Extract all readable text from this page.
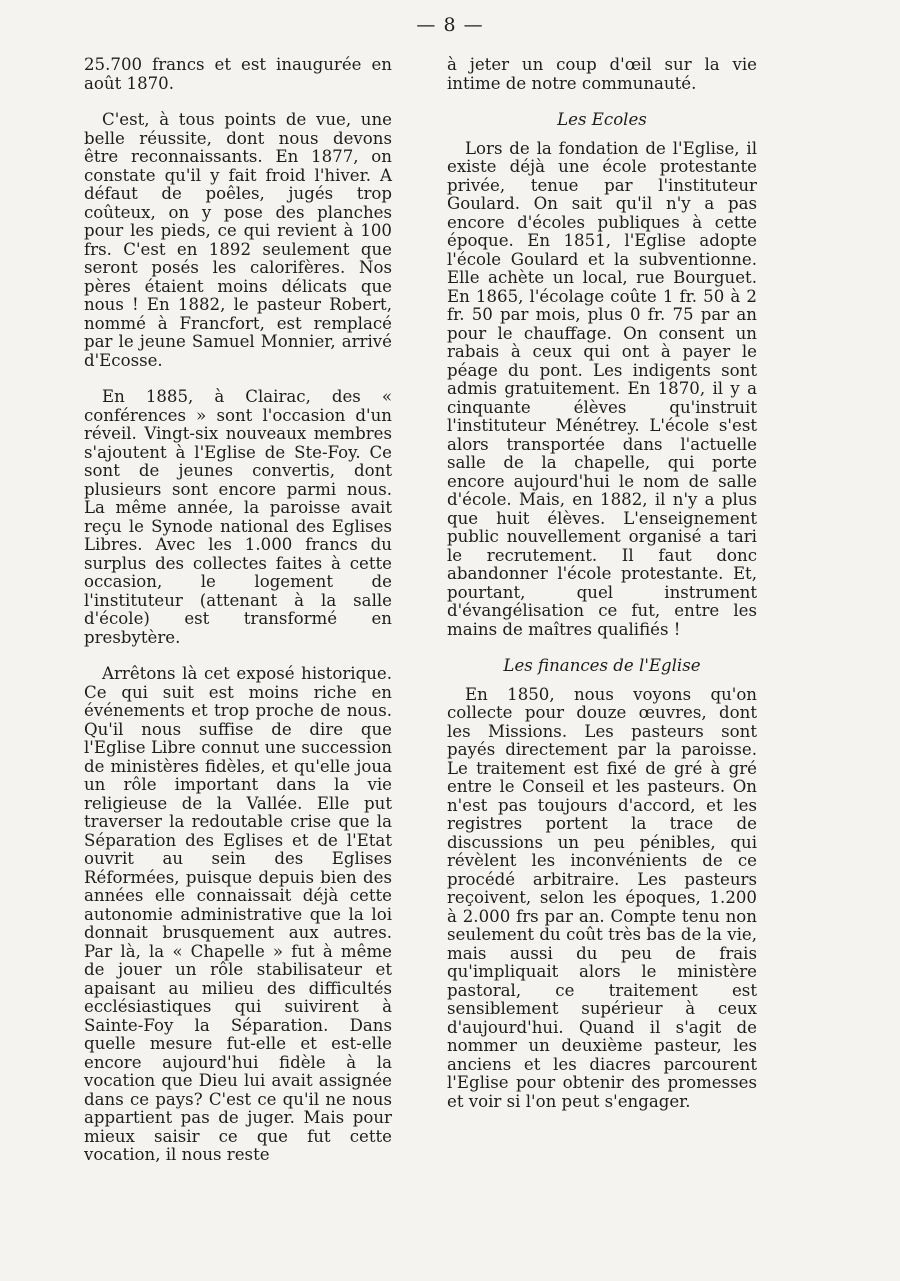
— 8 —

25.700 francs et est inaugurée en août 1870.

C'est, à tous points de vue, une belle réussite, dont nous devons être reconnaissants. En 1877, on constate qu'il y fait froid l'hiver. A défaut de poêles, jugés trop coûteux, on y pose des planches pour les pieds, ce qui revient à 100 frs. C'est en 1892 seulement que seront posés les calorifères. Nos pères étaient moins délicats que nous ! En 1882, le pasteur Robert, nommé à Francfort, est remplacé par le jeune Samuel Monnier, arrivé d'Ecosse.

En 1885, à Clairac, des « conférences » sont l'occasion d'un réveil. Vingt-six nouveaux membres s'ajoutent à l'Eglise de Ste-Foy. Ce sont de jeunes convertis, dont plusieurs sont encore parmi nous. La même année, la paroisse avait reçu le Synode national des Eglises Libres. Avec les 1.000 francs du surplus des collectes faites à cette occasion, le logement de l'instituteur (attenant à la salle d'école) est transformé en presbytère.

Arrêtons là cet exposé historique. Ce qui suit est moins riche en événements et trop proche de nous. Qu'il nous suffise de dire que l'Eglise Libre connut une succession de ministères fidèles, et qu'elle joua un rôle important dans la vie religieuse de la Vallée. Elle put traverser la redoutable crise que la Séparation des Eglises et de l'Etat ouvrit au sein des Eglises Réformées, puisque depuis bien des années elle connaissait déjà cette autonomie administrative que la loi donnait brusquement aux autres. Par là, la « Chapelle » fut à même de jouer un rôle stabilisateur et apaisant au milieu des difficultés ecclésiastiques qui suivirent à Sainte-Foy la Séparation. Dans quelle mesure fut-elle et est-elle encore aujourd'hui fidèle à la vocation que Dieu lui avait assignée dans ce pays? C'est ce qu'il ne nous appartient pas de juger. Mais pour mieux saisir ce que fut cette vocation, il nous reste

à jeter un coup d'œil sur la vie intime de notre communauté.

Les Ecoles

Lors de la fondation de l'Eglise, il existe déjà une école protestante privée, tenue par l'instituteur Goulard. On sait qu'il n'y a pas encore d'écoles publiques à cette époque. En 1851, l'Eglise adopte l'école Goulard et la subventionne. Elle achète un local, rue Bourguet. En 1865, l'écolage coûte 1 fr. 50 à 2 fr. 50 par mois, plus 0 fr. 75 par an pour le chauffage. On consent un rabais à ceux qui ont à payer le péage du pont. Les indigents sont admis gratuitement. En 1870, il y a cinquante élèves qu'instruit l'instituteur Ménétrey. L'école s'est alors transportée dans l'actuelle salle de la chapelle, qui porte encore aujourd'hui le nom de salle d'école. Mais, en 1882, il n'y a plus que huit élèves. L'enseignement public nouvellement organisé a tari le recrutement. Il faut donc abandonner l'école protestante. Et, pourtant, quel instrument d'évangélisation ce fut, entre les mains de maîtres qualifiés !

Les finances de l'Eglise

En 1850, nous voyons qu'on collecte pour douze œuvres, dont les Missions. Les pasteurs sont payés directement par la paroisse. Le traitement est fixé de gré à gré entre le Conseil et les pasteurs. On n'est pas toujours d'accord, et les registres portent la trace de discussions un peu pénibles, qui révèlent les inconvénients de ce procédé arbitraire. Les pasteurs reçoivent, selon les époques, 1.200 à 2.000 frs par an. Compte tenu non seulement du coût très bas de la vie, mais aussi du peu de frais qu'impliquait alors le ministère pastoral, ce traitement est sensiblement supérieur à ceux d'aujourd'hui. Quand il s'agit de nommer un deuxième pasteur, les anciens et les diacres parcourent l'Eglise pour obtenir des promesses et voir si l'on peut s'engager.
